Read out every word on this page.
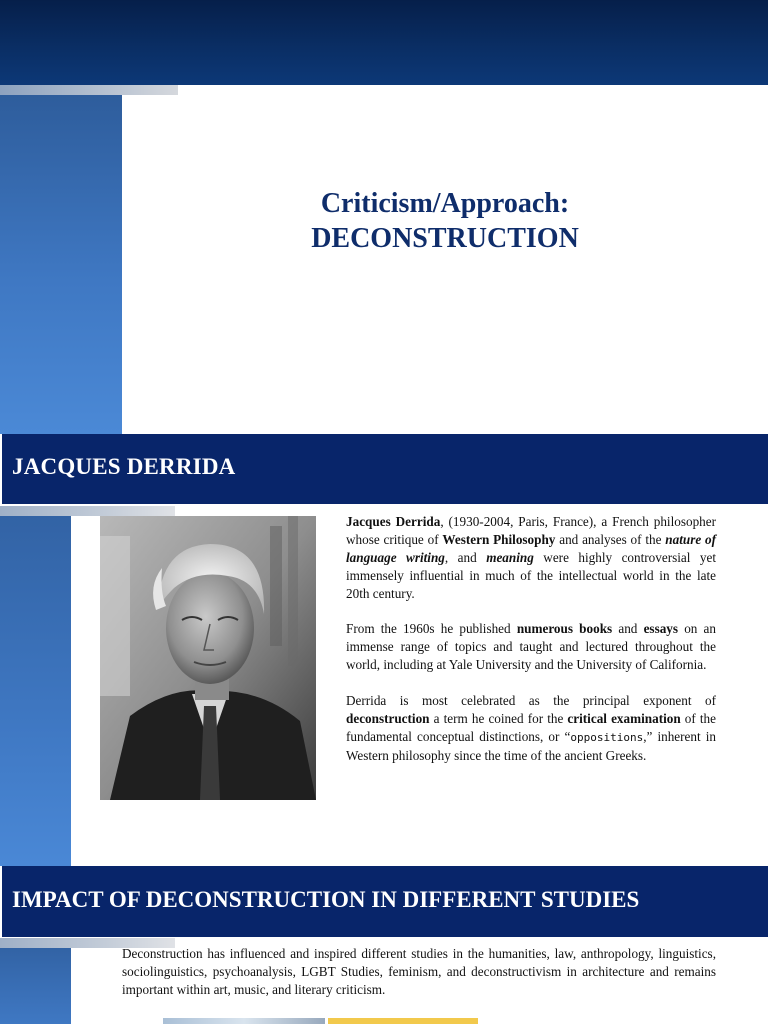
Criticism/Approach:
DECONSTRUCTION
JACQUES DERRIDA

Jacques Derrida, (1930-2004, Paris, France), a French philosopher whose critique of Western Philosophy and analyses of the nature of language writing, and meaning were highly controversial yet immensely influential in much of the intellectual world in the late 20th century.

From the 1960s he published numerous books and essays on an immense range of topics and taught and lectured throughout the world, including at Yale University and the University of California.

Derrida is most celebrated as the principal exponent of deconstruction a term he coined for the critical examination of the fundamental conceptual distinctions, or “oppositions,” inherent in Western philosophy since the time of the ancient Greeks.

IMPACT OF DECONSTRUCTION IN DIFFERENT STUDIES
Deconstruction has influenced and inspired different studies in the humanities, law, anthropology, linguistics, sociolinguistics, psychoanalysis, LGBT Studies, feminism, and deconstructivism in architecture and remains important within art, music, and literary criticism.
